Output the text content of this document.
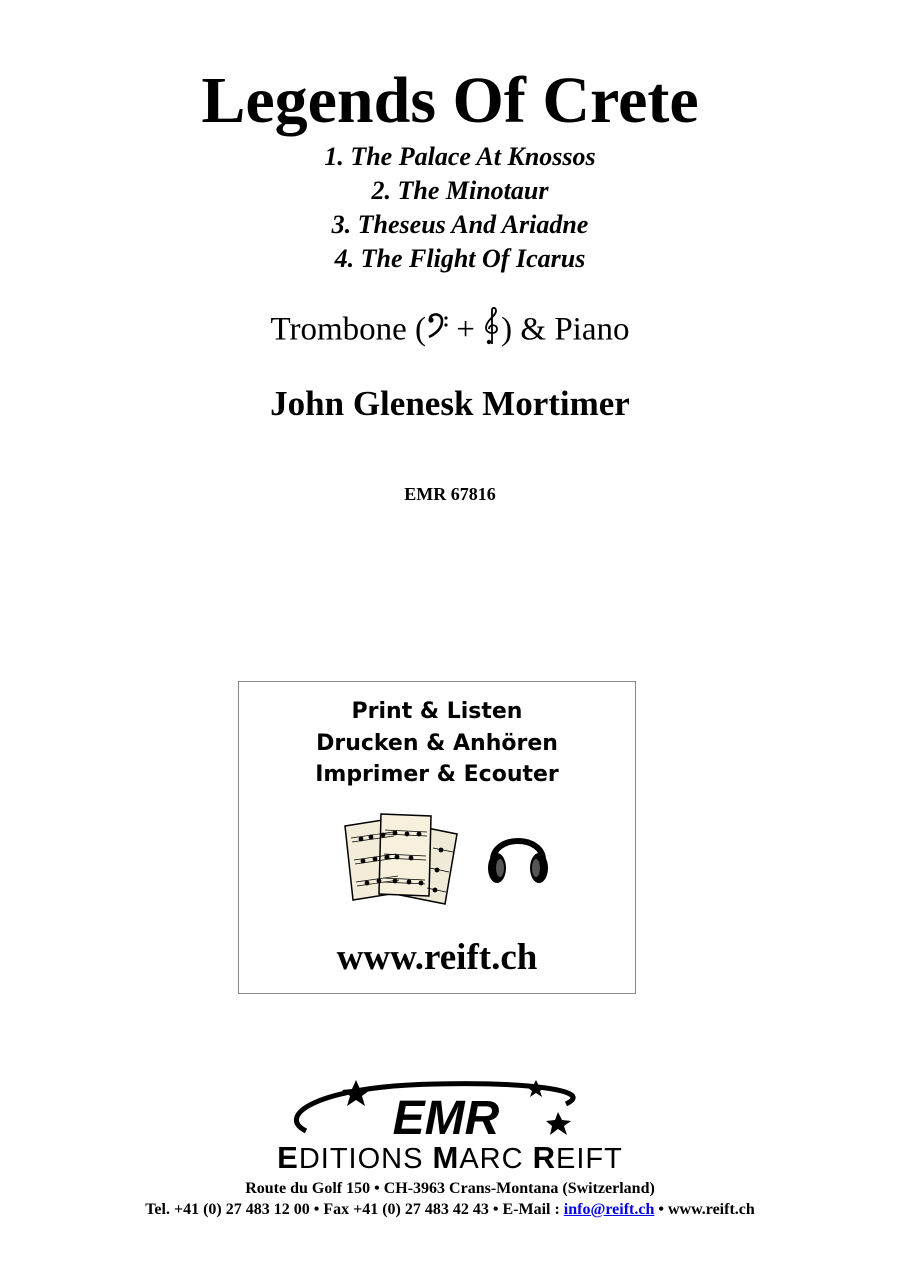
Legends Of Crete
1. The Palace At Knossos
2. The Minotaur
3. Theseus And Ariadne
4. The Flight Of Icarus
Trombone ( + ) & Piano
John Glenesk Mortimer
EMR 67816
Print & Listen
Drucken & Anhören
Imprimer & Ecouter
www.reift.ch
EMR
EDITIONS MARC REIFT
Route du Golf 150 • CH-3963 Crans-Montana (Switzerland)
Tel. +41 (0) 27 483 12 00 • Fax +41 (0) 27 483 42 43 • E-Mail : info@reift.ch • www.reift.ch
